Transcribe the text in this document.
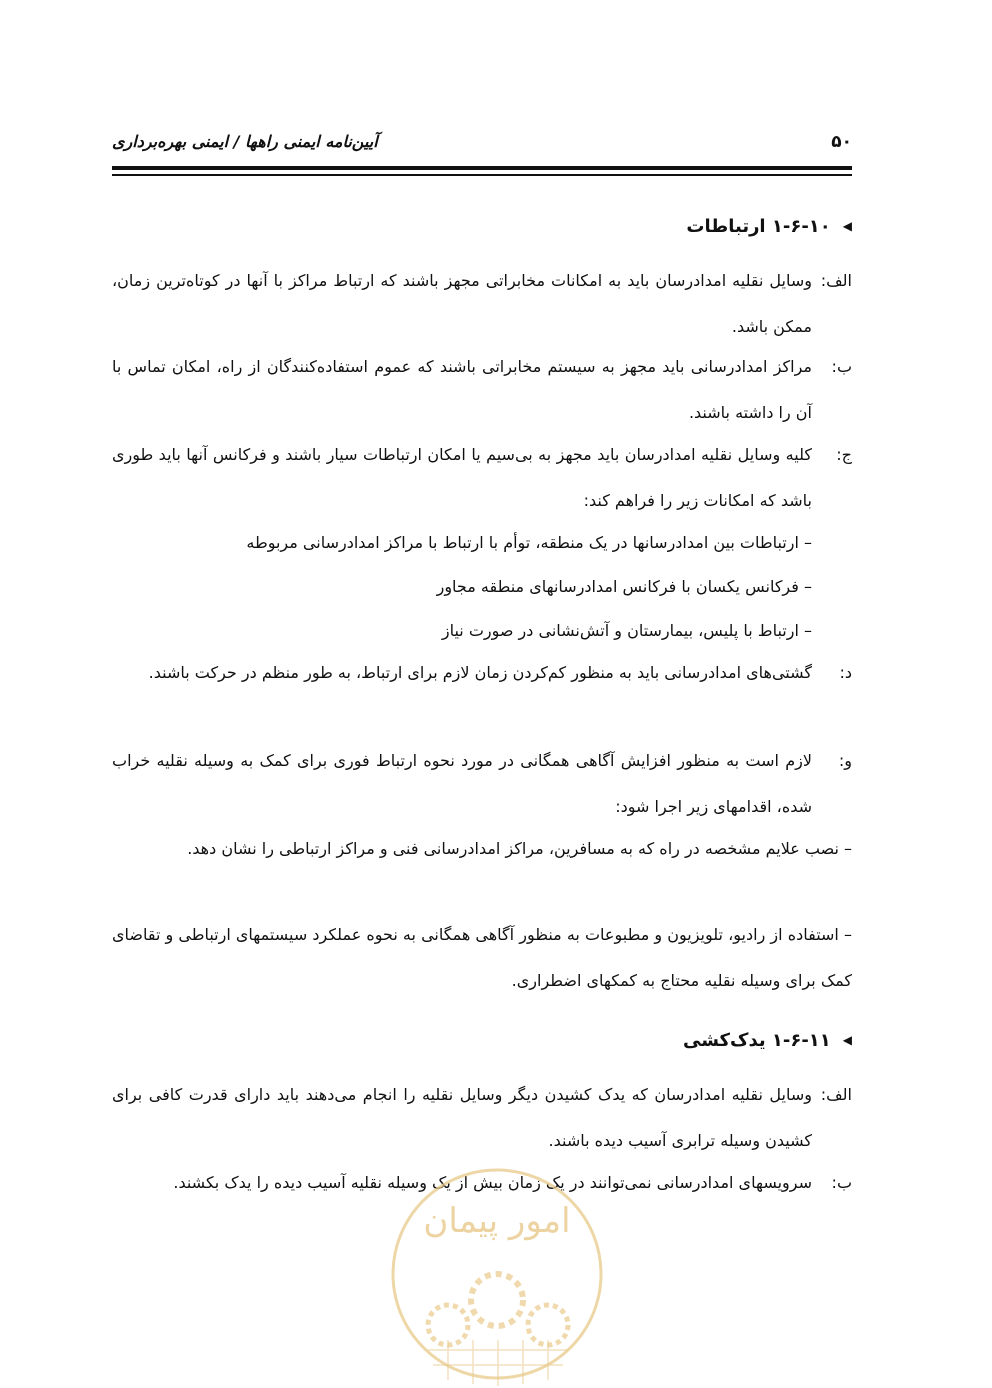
۵۰
آیین‌نامه ایمنی راهها / ایمنی بهره‌برداری
◀۱-۶-۱۰ ارتباطات
الف:
وسایل نقلیه امدادرسان باید به امکانات مخابراتی مجهز باشند که ارتباط مراکز با آنها در کوتاه‌ترین زمان، ممکن باشد.
ب:
مراکز امدادرسانی باید مجهز به سیستم مخابراتی باشند که عموم استفاده‌کنندگان از راه، امکان تماس با آن را داشته باشند.
ج:
کلیه وسایل نقلیه امدادرسان باید مجهز به بی‌سیم یا امکان ارتباطات سیار باشند و فرکانس آنها باید طوری باشد که امکانات زیر را فراهم کند:
– ارتباطات بین امدادرسانها در یک منطقه، توأم با ارتباط با مراکز امدادرسانی مربوطه
– فرکانس یکسان با فرکانس امدادرسانهای منطقه مجاور
– ارتباط با پلیس، بیمارستان و آتش‌نشانی در صورت نیاز
د:
گشتی‌های امدادرسانی باید به منظور کم‌کردن زمان لازم برای ارتباط، به طور منظم در حرکت باشند.
و:
لازم است به منظور افزایش آگاهی همگانی در مورد نحوه ارتباط فوری برای کمک به وسیله نقلیه خراب شده، اقدامهای زیر اجرا شود:
– نصب علایم مشخصه در راه که به مسافرین، مراکز امدادرسانی فنی و مراکز ارتباطی را نشان دهد.
– استفاده از رادیو، تلویزیون و مطبوعات به منظور آگاهی همگانی به نحوه عملکرد سیستمهای ارتباطی و تقاضای کمک برای وسیله نقلیه محتاج به کمکهای اضطراری.
◀۱-۶-۱۱ یدک‌کشی
الف:
وسایل نقلیه امدادرسان که یدک کشیدن دیگر وسایل نقلیه را انجام می‌دهند باید دارای قدرت کافی برای کشیدن وسیله ترابری آسیب دیده باشند.
ب:
سرویسهای امدادرسانی نمی‌توانند در یک زمان بیش از یک وسیله نقلیه آسیب دیده را یدک بکشند.
امور پیمان
